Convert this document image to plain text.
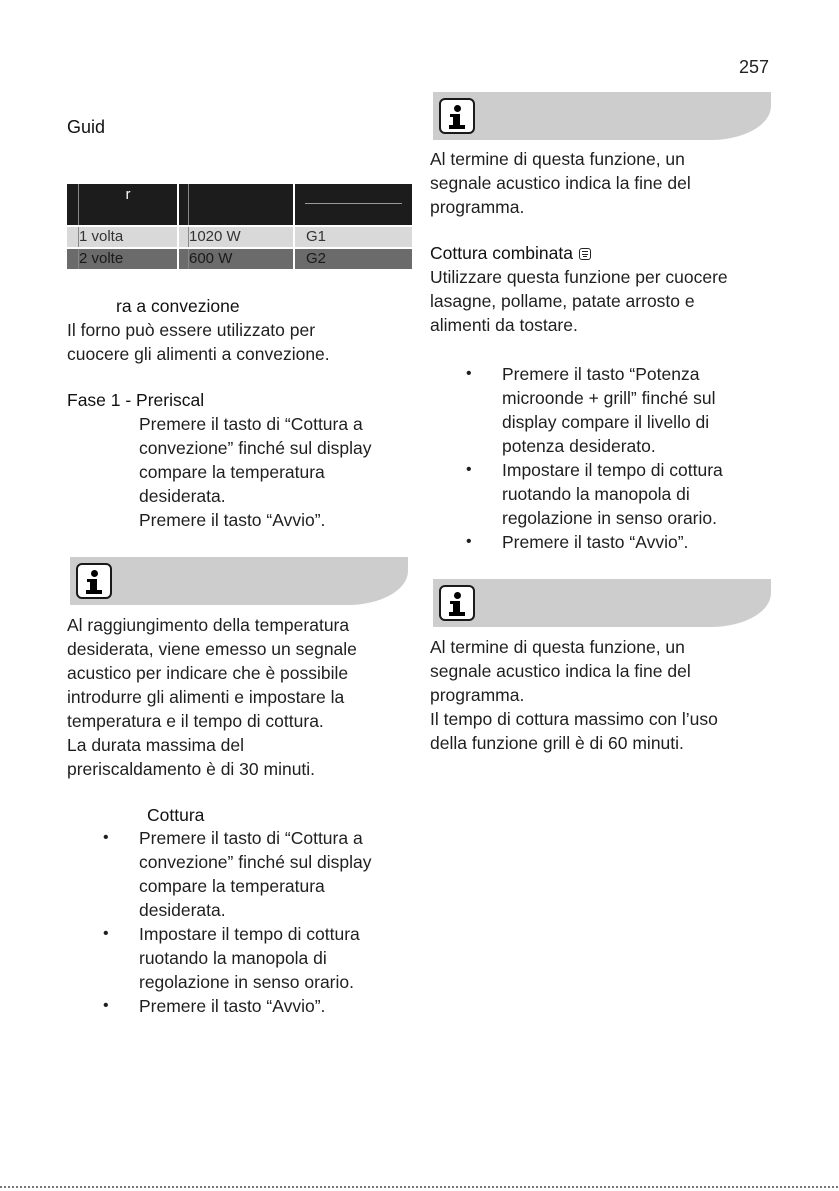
257
Guid
r
1 volta	1020 W	G1
2 volte	600 W	G2
ra a convezione
Il forno può essere utilizzato per
cuocere gli alimenti a convezione.
Fase 1 - Preriscal
Premere il tasto di “Cottura a
convezione” finché sul display
compare la temperatura
desiderata.
Premere il tasto “Avvio”.
Al raggiungimento della temperatura
desiderata, viene emesso un segnale
acustico per indicare che è possibile
introdurre gli alimenti e impostare la
temperatura e il tempo di cottura.
La durata massima del
preriscaldamento è di 30 minuti.
Cottura
• Premere il tasto di “Cottura a
convezione” finché sul display
compare la temperatura
desiderata.
• Impostare il tempo di cottura
ruotando la manopola di
regolazione in senso orario.
• Premere il tasto “Avvio”.
Al termine di questa funzione, un
segnale acustico indica la fine del
programma.
Cottura combinata
Utilizzare questa funzione per cuocere
lasagne, pollame, patate arrosto e
alimenti da tostare.
• Premere il tasto “Potenza
microonde + grill” finché sul
display compare il livello di
potenza desiderato.
• Impostare il tempo di cottura
ruotando la manopola di
regolazione in senso orario.
• Premere il tasto “Avvio”.
Al termine di questa funzione, un
segnale acustico indica la fine del
programma.
Il tempo di cottura massimo con l’uso
della funzione grill è di 60 minuti.
